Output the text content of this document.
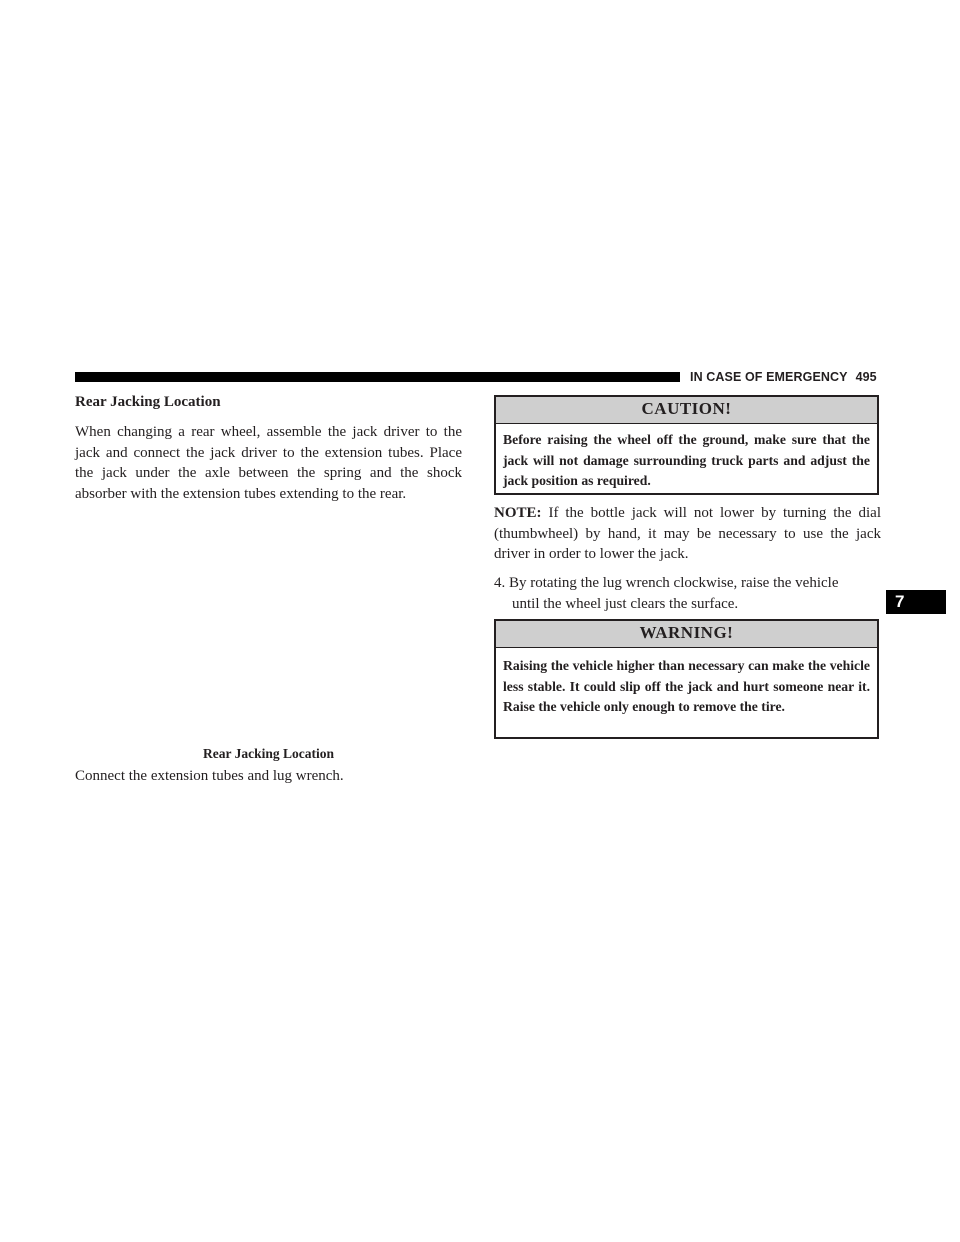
IN CASE OF EMERGENCY 495
7
Rear Jacking Location

When changing a rear wheel, assemble the jack driver to the jack and connect the jack driver to the extension tubes. Place the jack under the axle between the spring and the shock absorber with the extension tubes extending to the rear.

Rear Jacking Location

Connect the extension tubes and lug wrench.

CAUTION!
Before raising the wheel off the ground, make sure that the jack will not damage surrounding truck parts and adjust the jack position as required.

NOTE: If the bottle jack will not lower by turning the dial (thumbwheel) by hand, it may be necessary to use the jack driver in order to lower the jack.

4. By rotating the lug wrench clockwise, raise the vehicle
until the wheel just clears the surface.

WARNING!
Raising the vehicle higher than necessary can make the vehicle less stable. It could slip off the jack and hurt someone near it. Raise the vehicle only enough to remove the tire.
